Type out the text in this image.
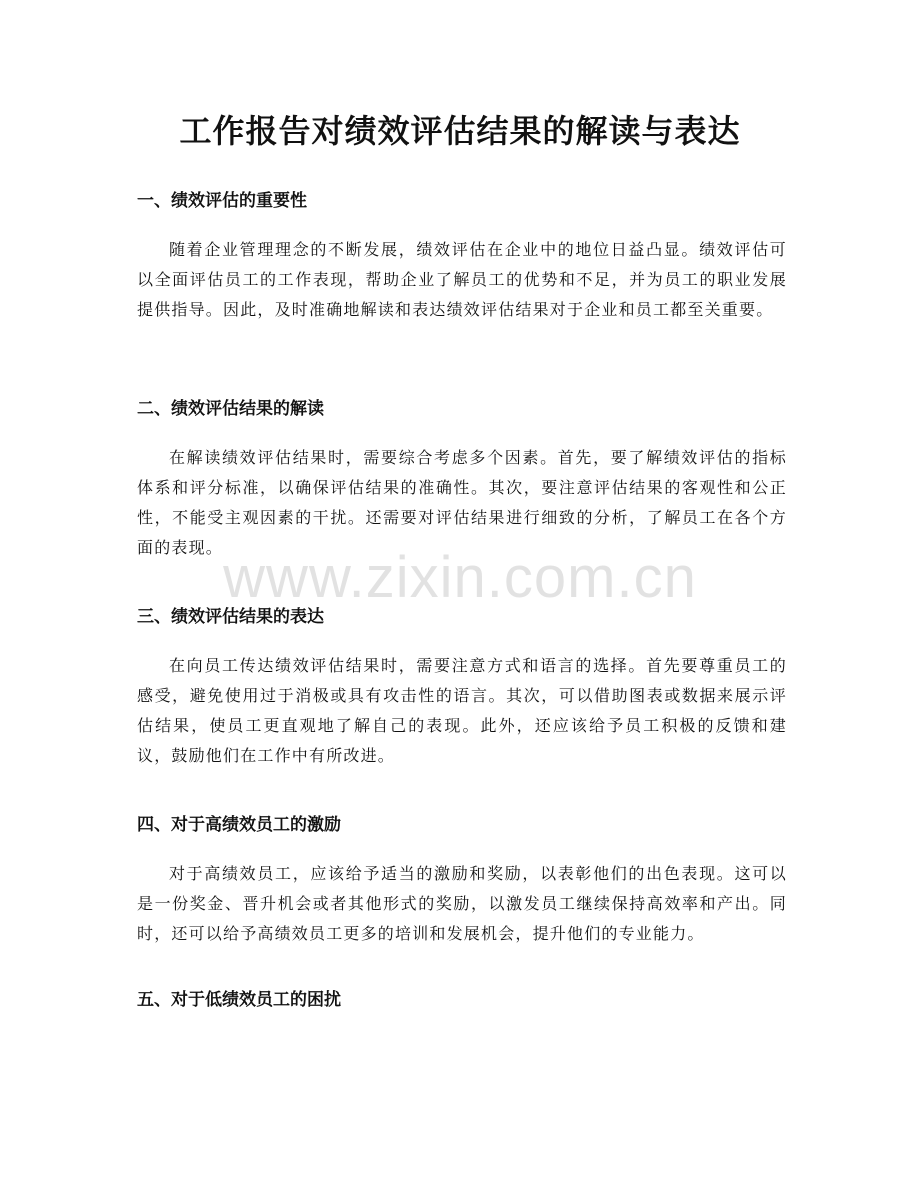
工作报告对绩效评估结果的解读与表达
一、绩效评估的重要性

随着企业管理理念的不断发展，绩效评估在企业中的地位日益凸显。绩效评估可以全面评估员工的工作表现，帮助企业了解员工的优势和不足，并为员工的职业发展提供指导。因此，及时准确地解读和表达绩效评估结果对于企业和员工都至关重要。

二、绩效评估结果的解读

在解读绩效评估结果时，需要综合考虑多个因素。首先，要了解绩效评估的指标体系和评分标准，以确保评估结果的准确性。其次，要注意评估结果的客观性和公正性，不能受主观因素的干扰。还需要对评估结果进行细致的分析，了解员工在各个方面的表现。

三、绩效评估结果的表达

在向员工传达绩效评估结果时，需要注意方式和语言的选择。首先要尊重员工的感受，避免使用过于消极或具有攻击性的语言。其次，可以借助图表或数据来展示评估结果，使员工更直观地了解自己的表现。此外，还应该给予员工积极的反馈和建议，鼓励他们在工作中有所改进。

四、对于高绩效员工的激励

对于高绩效员工，应该给予适当的激励和奖励，以表彰他们的出色表现。这可以是一份奖金、晋升机会或者其他形式的奖励，以激发员工继续保持高效率和产出。同时，还可以给予高绩效员工更多的培训和发展机会，提升他们的专业能力。

五、对于低绩效员工的困扰
www.zixin.com.cn
